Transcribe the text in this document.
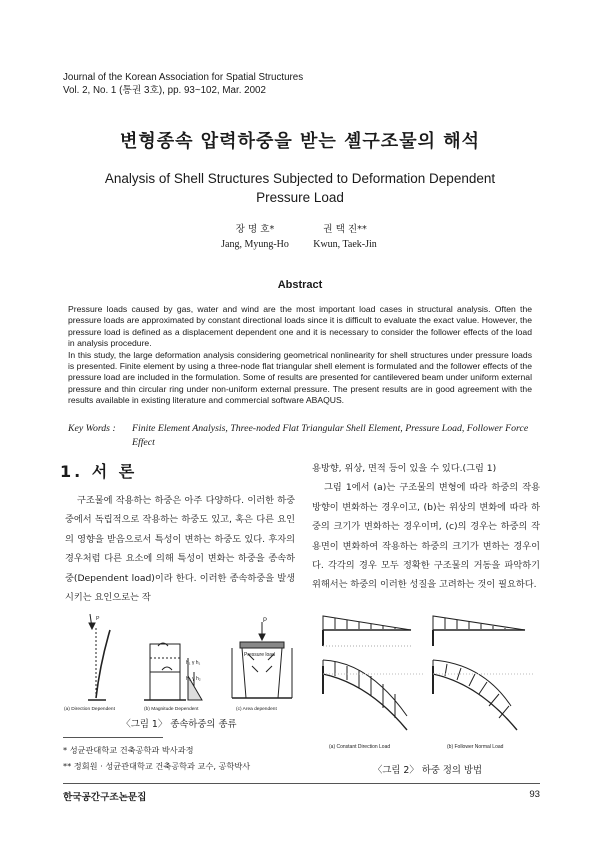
Journal of the Korean Association for Spatial Structures
Vol. 2, No. 1 (통권 3호), pp. 93~102, Mar. 2002
변형종속 압력하중을 받는 셸구조물의 해석
Analysis of Shell Structures Subjected to Deformation Dependent
Pressure Load
장 명 호*
Jang, Myung-Ho
권 택 진**
Kwun, Taek-Jin
Abstract

Pressure loads caused by gas, water and wind are the most important load cases in structural analysis. Often the pressure loads are approximated by constant directional loads since it is difficult to evaluate the exact value. However, the pressure load is defined as a displacement dependent one and it is necessary to consider the follower effects of the load in analysis procedure.

In this study, the large deformation analysis considering geometrical nonlinearity for shell structures under pressure loads is presented. Finite element by using a three-node flat triangular shell element is formulated and the follower effects of the pressure load are included in the formulation. Some of results are presented for cantilevered beam under uniform external pressure and thin circular ring under non-uniform external pressure. The present results are in good agreement with the results available in existing literature and commercial software ABAQUS.

Key Words : Finite Element Analysis, Three-noded Flat Triangular Shell Element, Pressure Load, Follower Force
Effect
1. 서 론

구조물에 작용하는 하중은 아주 다양하다. 이러한 하중 중에서 독립적으로 작용하는 하중도 있고, 혹은 다른 요인의 영향을 받음으로서 특성이 변하는 하중도 있다. 후자의 경우처럼 다른 요소에 의해 특성이 변화는 하중을 종속하중(Dependent load)이라 한다. 이러한 종속하중을 발생시키는 요인으로는 작

용방향, 위상, 면적 등이 있을 수 있다.(그림 1)

그림 1에서 (a)는 구조물의 변형에 따라 하중의 작용방향이 변화하는 경우이고, (b)는 위상의 변화에 따라 하중의 크기가 변화하는 경우이며, (c)의 경우는 하중의 작용면이 변화하여 작용하는 하중의 크기가 변하는 경우이다. 각각의 경우 모두 정확한 구조물의 거동을 파악하기 위해서는 하중의 이러한 성질을 고려하는 것이 필요하다.

P
h₁ γ h₁
h₂ γ h₂
P
Pressure load
(a) Direction Dependent	(b) Magnitude Dependent	(c) Area dependent
〈그림 1〉 종속하중의 종류
(a) Constant Direction Load	(b) Follower Normal Load
〈그림 2〉 하중 정의 방법
* 성균관대학교 건축공학과 박사과정
** 정회원 · 성균관대학교 건축공학과 교수, 공학박사
한국공간구조논문집	93
